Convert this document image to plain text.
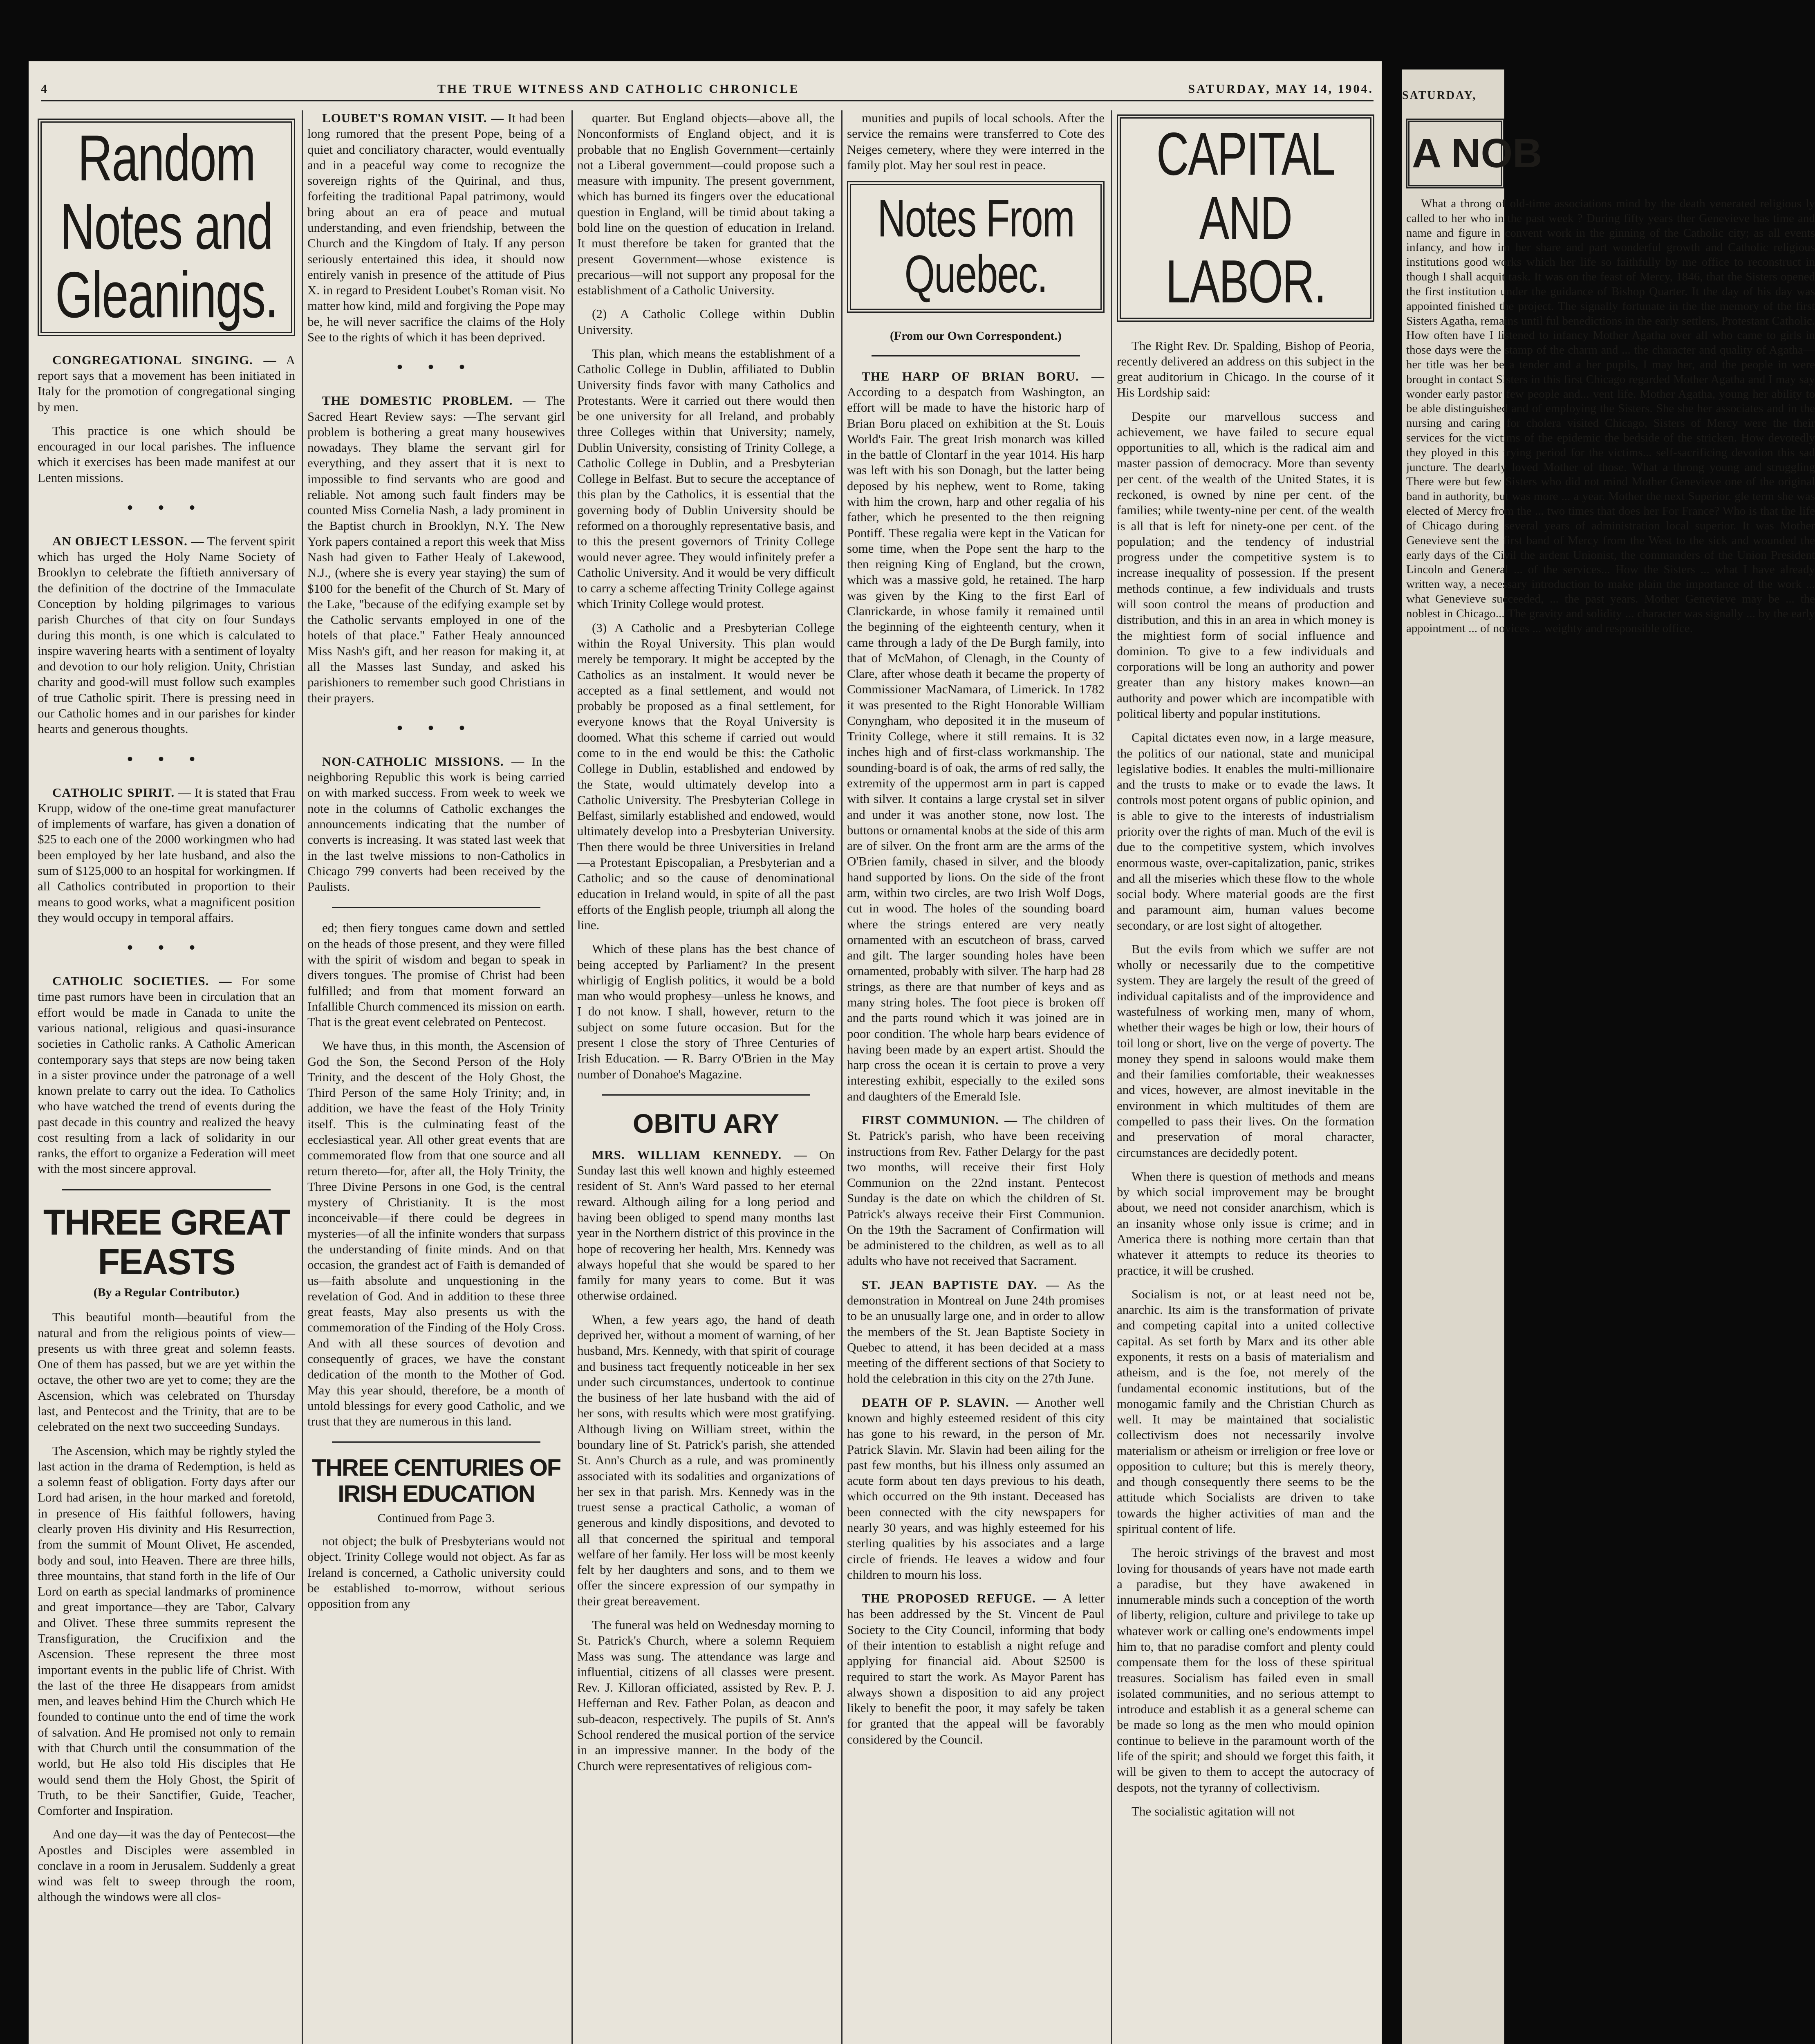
4	THE TRUE WITNESS AND CATHOLIC CHRONICLE	SATURDAY, MAY 14, 1904.
Random Notes and Gleanings.

CONGREGATIONAL SINGING. — A report says that a movement has been initiated in Italy for the promotion of congregational singing by men.

This practice is one which should be encouraged in our local parishes. The influence which it exercises has been made manifest at our Lenten missions.

• • •

AN OBJECT LESSON. — The fervent spirit which has urged the Holy Name Society of Brooklyn to celebrate the fiftieth anniversary of the definition of the doctrine of the Immaculate Conception by holding pilgrimages to various parish Churches of that city on four Sundays during this month, is one which is calculated to inspire wavering hearts with a sentiment of loyalty and devotion to our holy religion. Unity, Christian charity and good-will must follow such examples of true Catholic spirit. There is pressing need in our Catholic homes and in our parishes for kinder hearts and generous thoughts.

• • •

CATHOLIC SPIRIT. — It is stated that Frau Krupp, widow of the one-time great manufacturer of implements of warfare, has given a donation of $25 to each one of the 2000 workingmen who had been employed by her late husband, and also the sum of $125,000 to an hospital for workingmen. If all Catholics contributed in proportion to their means to good works, what a magnificent position they would occupy in temporal affairs.

• • •

CATHOLIC SOCIETIES. — For some time past rumors have been in circulation that an effort would be made in Canada to unite the various national, religious and quasi-insurance societies in Catholic ranks. A Catholic American contemporary says that steps are now being taken in a sister province under the patronage of a well known prelate to carry out the idea. To Catholics who have watched the trend of events during the past decade in this country and realized the heavy cost resulting from a lack of solidarity in our ranks, the effort to organize a Federation will meet with the most sincere approval.

THREE GREAT FEASTS
(By a Regular Contributor.)

This beautiful month—beautiful from the natural and from the religious points of view—presents us with three great and solemn feasts. One of them has passed, but we are yet within the octave, the other two are yet to come; they are the Ascension, which was celebrated on Thursday last, and Pentecost and the Trinity, that are to be celebrated on the next two succeeding Sundays.

The Ascension, which may be rightly styled the last action in the drama of Redemption, is held as a solemn feast of obligation. Forty days after our Lord had arisen, in the hour marked and foretold, in presence of His faithful followers, having clearly proven His divinity and His Resurrection, from the summit of Mount Olivet, He ascended, body and soul, into Heaven. There are three hills, three mountains, that stand forth in the life of Our Lord on earth as special landmarks of prominence and great importance—they are Tabor, Calvary and Olivet. These three summits represent the Transfiguration, the Crucifixion and the Ascension. These represent the three most important events in the public life of Christ. With the last of the three He disappears from amidst men, and leaves behind Him the Church which He founded to continue unto the end of time the work of salvation. And He promised not only to remain with that Church until the consummation of the world, but He also told His disciples that He would send them the Holy Ghost, the Spirit of Truth, to be their Sanctifier, Guide, Teacher, Comforter and Inspiration.

And one day—it was the day of Pentecost—the Apostles and Disciples were assembled in conclave in a room in Jerusalem. Suddenly a great wind was felt to sweep through the room, although the windows were all clos-

LOUBET'S ROMAN VISIT. — It had been long rumored that the present Pope, being of a quiet and conciliatory character, would eventually and in a peaceful way come to recognize the sovereign rights of the Quirinal, and thus, forfeiting the traditional Papal patrimony, would bring about an era of peace and mutual understanding, and even friendship, between the Church and the Kingdom of Italy. If any person seriously entertained this idea, it should now entirely vanish in presence of the attitude of Pius X. in regard to President Loubet's Roman visit. No matter how kind, mild and forgiving the Pope may be, he will never sacrifice the claims of the Holy See to the rights of which it has been deprived.

• • •

THE DOMESTIC PROBLEM. — The Sacred Heart Review says: —The servant girl problem is bothering a great many housewives nowadays. They blame the servant girl for everything, and they assert that it is next to impossible to find servants who are good and reliable. Not among such fault finders may be counted Miss Cornelia Nash, a lady prominent in the Baptist church in Brooklyn, N.Y. The New York papers contained a report this week that Miss Nash had given to Father Healy of Lakewood, N.J., (where she is every year staying) the sum of $100 for the benefit of the Church of St. Mary of the Lake, "because of the edifying example set by the Catholic servants employed in one of the hotels of that place." Father Healy announced Miss Nash's gift, and her reason for making it, at all the Masses last Sunday, and asked his parishioners to remember such good Christians in their prayers.

• • •

NON-CATHOLIC MISSIONS. — In the neighboring Republic this work is being carried on with marked success. From week to week we note in the columns of Catholic exchanges the announcements indicating that the number of converts is increasing. It was stated last week that in the last twelve missions to non-Catholics in Chicago 799 converts had been received by the Paulists.

ed; then fiery tongues came down and settled on the heads of those present, and they were filled with the spirit of wisdom and began to speak in divers tongues. The promise of Christ had been fulfilled; and from that moment forward an Infallible Church commenced its mission on earth. That is the great event celebrated on Pentecost.

We have thus, in this month, the Ascension of God the Son, the Second Person of the Holy Trinity, and the descent of the Holy Ghost, the Third Person of the same Holy Trinity; and, in addition, we have the feast of the Holy Trinity itself. This is the culminating feast of the ecclesiastical year. All other great events that are commemorated flow from that one source and all return thereto—for, after all, the Holy Trinity, the Three Divine Persons in one God, is the central mystery of Christianity. It is the most inconceivable—if there could be degrees in mysteries—of all the infinite wonders that surpass the understanding of finite minds. And on that occasion, the grandest act of Faith is demanded of us—faith absolute and unquestioning in the revelation of God. And in addition to these three great feasts, May also presents us with the commemoration of the Finding of the Holy Cross. And with all these sources of devotion and consequently of graces, we have the constant dedication of the month to the Mother of God. May this year should, therefore, be a month of untold blessings for every good Catholic, and we trust that they are numerous in this land.

THREE CENTURIES OF IRISH EDUCATION
Continued from Page 3.

not object; the bulk of Presbyterians would not object. Trinity College would not object. As far as Ireland is concerned, a Catholic university could be established to-morrow, without serious opposition from any

quarter. But England objects—above all, the Nonconformists of England object, and it is probable that no English Government—certainly not a Liberal government—could propose such a measure with impunity. The present government, which has burned its fingers over the educational question in England, will be timid about taking a bold line on the question of education in Ireland. It must therefore be taken for granted that the present Government—whose existence is precarious—will not support any proposal for the establishment of a Catholic University.

(2) A Catholic College within Dublin University.

This plan, which means the establishment of a Catholic College in Dublin, affiliated to Dublin University finds favor with many Catholics and Protestants. Were it carried out there would then be one university for all Ireland, and probably three Colleges within that University; namely, Dublin University, consisting of Trinity College, a Catholic College in Dublin, and a Presbyterian College in Belfast. But to secure the acceptance of this plan by the Catholics, it is essential that the governing body of Dublin University should be reformed on a thoroughly representative basis, and to this the present governors of Trinity College would never agree. They would infinitely prefer a Catholic University. And it would be very difficult to carry a scheme affecting Trinity College against which Trinity College would protest.

(3) A Catholic and a Presbyterian College within the Royal University. This plan would merely be temporary. It might be accepted by the Catholics as an instalment. It would never be accepted as a final settlement, and would not probably be proposed as a final settlement, for everyone knows that the Royal University is doomed. What this scheme if carried out would come to in the end would be this: the Catholic College in Dublin, established and endowed by the State, would ultimately develop into a Catholic University. The Presbyterian College in Belfast, similarly established and endowed, would ultimately develop into a Presbyterian University. Then there would be three Universities in Ireland—a Protestant Episcopalian, a Presbyterian and a Catholic; and so the cause of denominational education in Ireland would, in spite of all the past efforts of the English people, triumph all along the line.

Which of these plans has the best chance of being accepted by Parliament? In the present whirligig of English politics, it would be a bold man who would prophesy—unless he knows, and I do not know. I shall, however, return to the subject on some future occasion. But for the present I close the story of Three Centuries of Irish Education. — R. Barry O'Brien in the May number of Donahoe's Magazine.

OBITU ARY

MRS. WILLIAM KENNEDY. — On Sunday last this well known and highly esteemed resident of St. Ann's Ward passed to her eternal reward. Although ailing for a long period and having been obliged to spend many months last year in the Northern district of this province in the hope of recovering her health, Mrs. Kennedy was always hopeful that she would be spared to her family for many years to come. But it was otherwise ordained.

When, a few years ago, the hand of death deprived her, without a moment of warning, of her husband, Mrs. Kennedy, with that spirit of courage and business tact frequently noticeable in her sex under such circumstances, undertook to continue the business of her late husband with the aid of her sons, with results which were most gratifying. Although living on William street, within the boundary line of St. Patrick's parish, she attended St. Ann's Church as a rule, and was prominently associated with its sodalities and organizations of her sex in that parish. Mrs. Kennedy was in the truest sense a practical Catholic, a woman of generous and kindly dispositions, and devoted to all that concerned the spiritual and temporal welfare of her family. Her loss will be most keenly felt by her daughters and sons, and to them we offer the sincere expression of our sympathy in their great bereavement.

The funeral was held on Wednesday morning to St. Patrick's Church, where a solemn Requiem Mass was sung. The attendance was large and influential, citizens of all classes were present. Rev. J. Killoran officiated, assisted by Rev. P. J. Heffernan and Rev. Father Polan, as deacon and sub-deacon, respectively. The pupils of St. Ann's School rendered the musical portion of the service in an impressive manner. In the body of the Church were representatives of religious com-

munities and pupils of local schools. After the service the remains were transferred to Cote des Neiges cemetery, where they were interred in the family plot. May her soul rest in peace.

Notes From Quebec.
(From our Own Correspondent.)

THE HARP OF BRIAN BORU. — According to a despatch from Washington, an effort will be made to have the historic harp of Brian Boru placed on exhibition at the St. Louis World's Fair. The great Irish monarch was killed in the battle of Clontarf in the year 1014. His harp was left with his son Donagh, but the latter being deposed by his nephew, went to Rome, taking with him the crown, harp and other regalia of his father, which he presented to the then reigning Pontiff. These regalia were kept in the Vatican for some time, when the Pope sent the harp to the then reigning King of England, but the crown, which was a massive gold, he retained. The harp was given by the King to the first Earl of Clanrickarde, in whose family it remained until the beginning of the eighteenth century, when it came through a lady of the De Burgh family, into that of McMahon, of Clenagh, in the County of Clare, after whose death it became the property of Commissioner MacNamara, of Limerick. In 1782 it was presented to the Right Honorable William Conyngham, who deposited it in the museum of Trinity College, where it still remains. It is 32 inches high and of first-class workmanship. The sounding-board is of oak, the arms of red sally, the extremity of the uppermost arm in part is capped with silver. It contains a large crystal set in silver and under it was another stone, now lost. The buttons or ornamental knobs at the side of this arm are of silver. On the front arm are the arms of the O'Brien family, chased in silver, and the bloody hand supported by lions. On the side of the front arm, within two circles, are two Irish Wolf Dogs, cut in wood. The holes of the sounding board where the strings entered are very neatly ornamented with an escutcheon of brass, carved and gilt. The larger sounding holes have been ornamented, probably with silver. The harp had 28 strings, as there are that number of keys and as many string holes. The foot piece is broken off and the parts round which it was joined are in poor condition. The whole harp bears evidence of having been made by an expert artist. Should the harp cross the ocean it is certain to prove a very interesting exhibit, especially to the exiled sons and daughters of the Emerald Isle.

FIRST COMMUNION. — The children of St. Patrick's parish, who have been receiving instructions from Rev. Father Delargy for the past two months, will receive their first Holy Communion on the 22nd instant. Pentecost Sunday is the date on which the children of St. Patrick's always receive their First Communion. On the 19th the Sacrament of Confirmation will be administered to the children, as well as to all adults who have not received that Sacrament.

ST. JEAN BAPTISTE DAY. — As the demonstration in Montreal on June 24th promises to be an unusually large one, and in order to allow the members of the St. Jean Baptiste Society in Quebec to attend, it has been decided at a mass meeting of the different sections of that Society to hold the celebration in this city on the 27th June.

DEATH OF P. SLAVIN. — Another well known and highly esteemed resident of this city has gone to his reward, in the person of Mr. Patrick Slavin. Mr. Slavin had been ailing for the past few months, but his illness only assumed an acute form about ten days previous to his death, which occurred on the 9th instant. Deceased has been connected with the city newspapers for nearly 30 years, and was highly esteemed for his sterling qualities by his associates and a large circle of friends. He leaves a widow and four children to mourn his loss.

THE PROPOSED REFUGE. — A letter has been addressed by the St. Vincent de Paul Society to the City Council, informing that body of their intention to establish a night refuge and applying for financial aid. About $2500 is required to start the work. As Mayor Parent has always shown a disposition to aid any project likely to benefit the poor, it may safely be taken for granted that the appeal will be favorably considered by the Council.

CAPITAL AND LABOR.

The Right Rev. Dr. Spalding, Bishop of Peoria, recently delivered an address on this subject in the great auditorium in Chicago. In the course of it His Lordship said:

Despite our marvellous success and achievement, we have failed to secure equal opportunities to all, which is the radical aim and master passion of democracy. More than seventy per cent. of the wealth of the United States, it is reckoned, is owned by nine per cent. of the families; while twenty-nine per cent. of the wealth is all that is left for ninety-one per cent. of the population; and the tendency of industrial progress under the competitive system is to increase inequality of possession. If the present methods continue, a few individuals and trusts will soon control the means of production and distribution, and this in an area in which money is the mightiest form of social influence and dominion. To give to a few individuals and corporations will be long an authority and power greater than any history makes known—an authority and power which are incompatible with political liberty and popular institutions.

Capital dictates even now, in a large measure, the politics of our national, state and municipal legislative bodies. It enables the multi-millionaire and the trusts to make or to evade the laws. It controls most potent organs of public opinion, and is able to give to the interests of industrialism priority over the rights of man. Much of the evil is due to the competitive system, which involves enormous waste, over-capitalization, panic, strikes and all the miseries which these flow to the whole social body. Where material goods are the first and paramount aim, human values become secondary, or are lost sight of altogether.

But the evils from which we suffer are not wholly or necessarily due to the competitive system. They are largely the result of the greed of individual capitalists and of the improvidence and wastefulness of working men, many of whom, whether their wages be high or low, their hours of toil long or short, live on the verge of poverty. The money they spend in saloons would make them and their families comfortable, their weaknesses and vices, however, are almost inevitable in the environment in which multitudes of them are compelled to pass their lives. On the formation and preservation of moral character, circumstances are decidedly potent.

When there is question of methods and means by which social improvement may be brought about, we need not consider anarchism, which is an insanity whose only issue is crime; and in America there is nothing more certain than that whatever it attempts to reduce its theories to practice, it will be crushed.

Socialism is not, or at least need not be, anarchic. Its aim is the transformation of private and competing capital into a united collective capital. As set forth by Marx and its other able exponents, it rests on a basis of materialism and atheism, and is the foe, not merely of the fundamental economic institutions, but of the monogamic family and the Christian Church as well. It may be maintained that socialistic collectivism does not necessarily involve materialism or atheism or irreligion or free love or opposition to culture; but this is merely theory, and though consequently there seems to be the attitude which Socialists are driven to take towards the higher activities of man and the spiritual content of life.

The heroic strivings of the bravest and most loving for thousands of years have not made earth a paradise, but they have awakened in innumerable minds such a conception of the worth of liberty, religion, culture and privilege to take up whatever work or calling one's endowments impel him to, that no paradise comfort and plenty could compensate them for the loss of these spiritual treasures. Socialism has failed even in small isolated communities, and no serious attempt to introduce and establish it as a general scheme can be made so long as the men who mould opinion continue to believe in the paramount worth of the life of the spirit; and should we forget this faith, it will be given to them to accept the autocracy of despots, not the tyranny of collectivism.

The socialistic agitation will not

SATURDAY,
A NOB

What a throng of old-time associations mind by the death venerated religious ly called to her who in the past week ? During fifty years ther Genevieve has time and name and figure in convent work in the ginning of the Catholic city; as all events infancy, and how im her share and part wonderful growth and Catholic religious institutions good works which her life so faithfully by me office to reconstruct in though I shall acquit task. It was on the feast of Mercy, 1846, that the Sisters opened the first institution under the guidance of Bishop Quarter. It the day of his day was appointed finished the project. The signally fortunate in the the memory of the first Sisters Agatha, remains until ful benedictions in the early settlers, Protestant Catholic. How often have I listened to infancy Mother Agatha over all who came to girls in those days were the stamp of the charm and ... the character and quality of Agatha—her title was her be a tender and a her pupils, I may her, and the people in were brought in contact Sisters in this first Chicago regarded Mother Agatha and I may say wonder early pastor few people and... vent life. Mother Agatha, young her ability to be able distinguished and of employing the Sisters. She she her associates and in the nursing and caring for cholera visited Chicago, Sisters of Mercy were the their services for the victims of the epidemic the bedside of the stricken. How devotedly they ployed in this trying period for the victims... self-sacrificing devotion this sad juncture. The dearly loved Mother of those. What a throng young and struggling There were but few Sisters who did not mind Mother Genevieve one of the original band in authority, but was more ... a year. Mother the next Superior. gle term she was elected of Mercy from the ... two times that does her For France? Who is that the life of Chicago during several years of administration local superior. It was Mother Genevieve sent the first band of Mercy from the West to the sick and wounded the early days of the Civil the ardent Unionist, the commanders of the Union President Lincoln and General ... of the services... How the Sisters ... what I have already written way, a necessary introduction to make plain the importance of the work ... what Genevieve succeeded, ... the past years. Mother Genevieve may be ... the noblest in Chicago... The gravity and solidity ... character was signally ... by the early appointment ... of novices ... weighty and responsible office.
